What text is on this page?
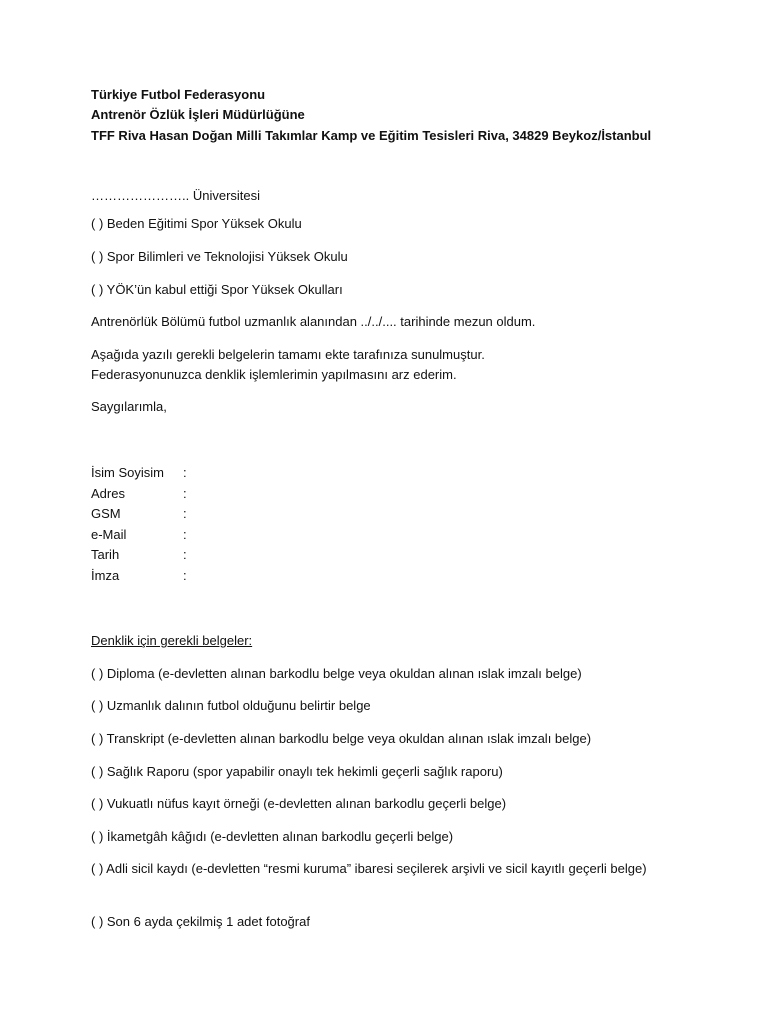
Türkiye Futbol Federasyonu
Antrenör Özlük İşleri Müdürlüğüne
TFF Riva Hasan Doğan Milli Takımlar Kamp ve Eğitim Tesisleri Riva, 34829 Beykoz/İstanbul
………………….. Üniversitesi
( ) Beden Eğitimi Spor Yüksek Okulu
( ) Spor Bilimleri ve Teknolojisi Yüksek Okulu
( ) YÖK’ün kabul ettiği Spor Yüksek Okulları
Antrenörlük Bölümü futbol uzmanlık alanından ../../.... tarihinde mezun oldum.
Aşağıda yazılı gerekli belgelerin tamamı ekte tarafınıza sunulmuştur.
Federasyonunuzca denklik işlemlerimin yapılmasını arz ederim.
Saygılarımla,
İsim Soyisim :
Adres	:
GSM	:
e-Mail	:
Tarih	:
İmza	:
Denklik için gerekli belgeler:
( ) Diploma (e-devletten alınan barkodlu belge veya okuldan alınan ıslak imzalı belge)
( ) Uzmanlık dalının futbol olduğunu belirtir belge
( ) Transkript (e-devletten alınan barkodlu belge veya okuldan alınan ıslak imzalı belge)
( ) Sağlık Raporu (spor yapabilir onaylı tek hekimli geçerli sağlık raporu)
( ) Vukuatlı nüfus kayıt örneği (e-devletten alınan barkodlu geçerli belge)
( ) İkametgâh kâğıdı (e-devletten alınan barkodlu geçerli belge)
( ) Adli sicil kaydı (e-devletten “resmi kuruma” ibaresi seçilerek arşivli ve sicil kayıtlı geçerli belge)
( ) Son 6 ayda çekilmiş 1 adet fotoğraf
